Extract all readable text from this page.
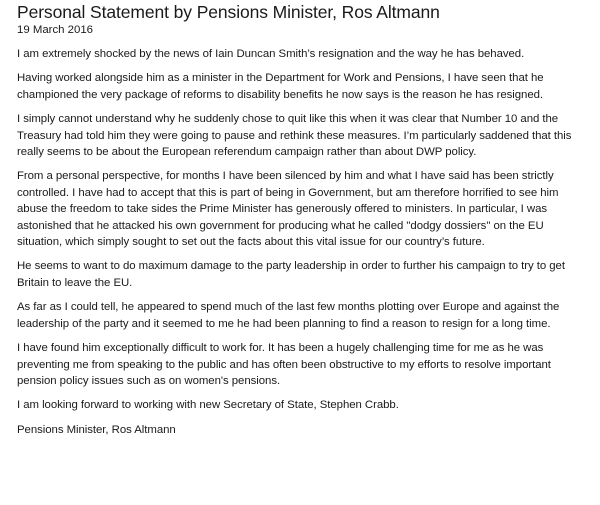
Personal Statement by Pensions Minister, Ros Altmann

19 March 2016

I am extremely shocked by the news of Iain Duncan Smith’s resignation and the way he has behaved.

Having worked alongside him as a minister in the Department for Work and Pensions, I have seen that he championed the very package of reforms to disability benefits he now says is the reason he has resigned.

I simply cannot understand why he suddenly chose to quit like this when it was clear that Number 10 and the Treasury had told him they were going to pause and rethink these measures. I’m particularly saddened that this really seems to be about the European referendum campaign rather than about DWP policy.

From a personal perspective, for months I have been silenced by him and what I have said has been strictly controlled. I have had to accept that this is part of being in Government, but am therefore horrified to see him abuse the freedom to take sides the Prime Minister has generously offered to ministers. In particular, I was astonished that he attacked his own government for producing what he called "dodgy dossiers" on the EU situation, which simply sought to set out the facts about this vital issue for our country’s future.

He seems to want to do maximum damage to the party leadership in order to further his campaign to try to get Britain to leave the EU.

As far as I could tell, he appeared to spend much of the last few months plotting over Europe and against the leadership of the party and it seemed to me he had been planning to find a reason to resign for a long time.

I have found him exceptionally difficult to work for. It has been a hugely challenging time for me as he was preventing me from speaking to the public and has often been obstructive to my efforts to resolve important pension policy issues such as on women's pensions.

I am looking forward to working with new Secretary of State, Stephen Crabb.

Pensions Minister, Ros Altmann
